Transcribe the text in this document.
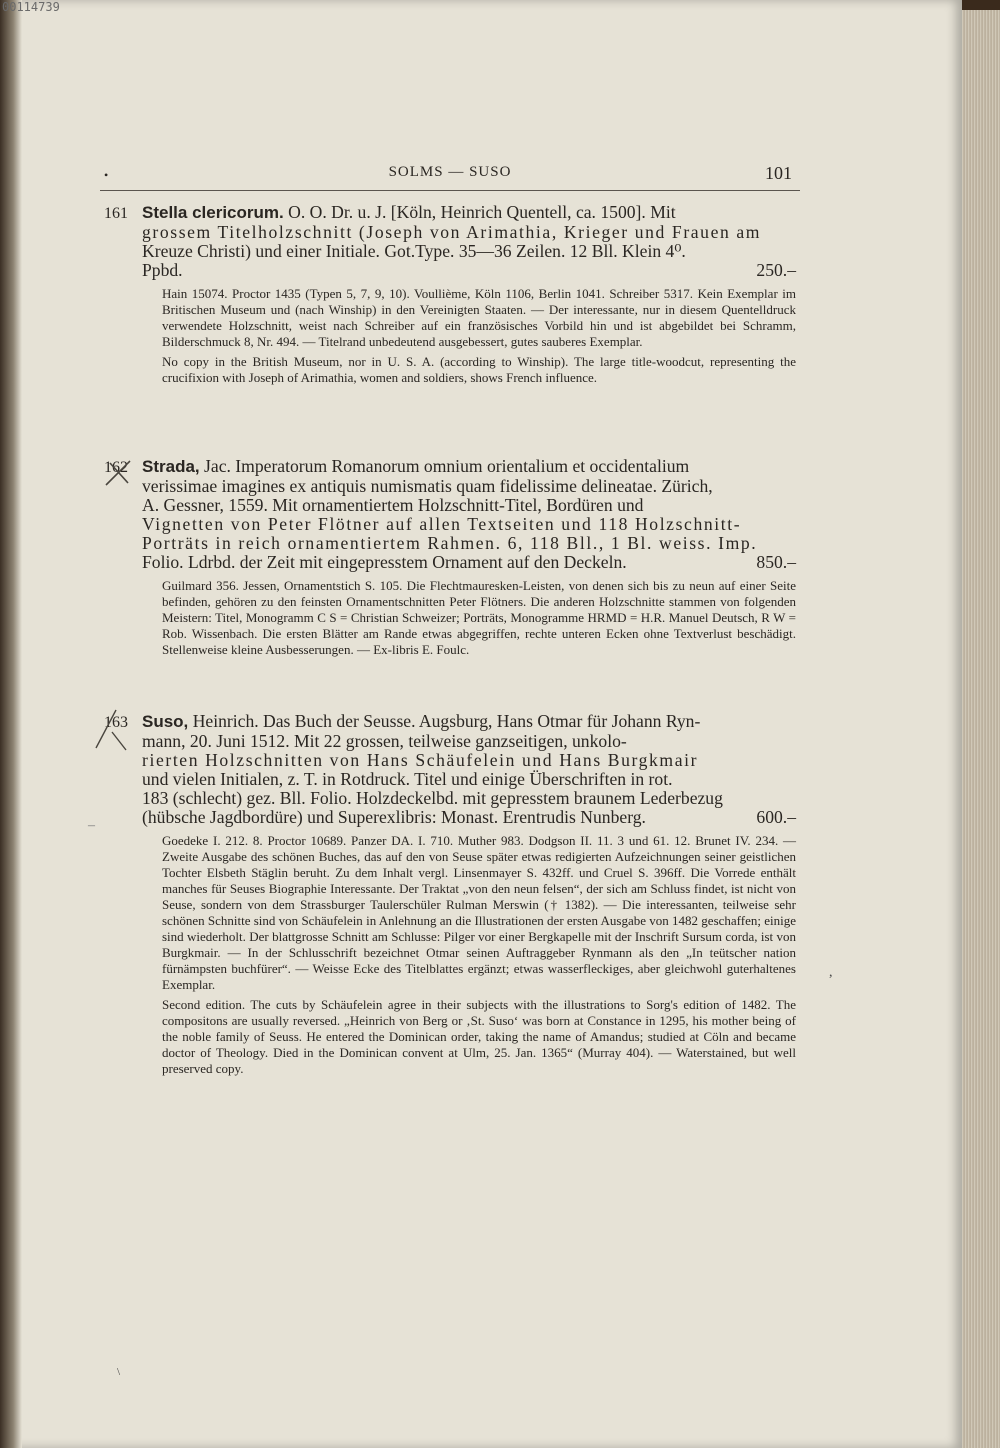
00114739
•	SOLMS — SUSO	101
161 Stella clericorum. O. O. Dr. u. J. [Köln, Heinrich Quentell, ca. 1500]. Mit
grossem Titelholzschnitt (Joseph von Arimathia, Krieger und Frauen am
Kreuze Christi) und einer Initiale. Got.Type. 35—36 Zeilen. 12 Bll. Klein 4⁰.
Ppbd.	250.–

Hain 15074. Proctor 1435 (Typen 5, 7, 9, 10). Voullième, Köln 1106, Berlin 1041. Schreiber 5317. Kein Exemplar im Britischen Museum und (nach Winship) in den Vereinigten Staaten. — Der interessante, nur in diesem Quentelldruck verwendete Holzschnitt, weist nach Schreiber auf ein französisches Vorbild hin und ist abgebildet bei Schramm, Bilderschmuck 8, Nr. 494. — Titelrand unbedeutend ausgebessert, gutes sauberes Exemplar.

No copy in the British Museum, nor in U. S. A. (according to Winship). The large title-woodcut, representing the crucifixion with Joseph of Arimathia, women and soldiers, shows French influence.

162 Strada, Jac. Imperatorum Romanorum omnium orientalium et occidentalium
verissimae imagines ex antiquis numismatis quam fidelissime delineatae. Zürich,
A. Gessner, 1559. Mit ornamentiertem Holzschnitt-Titel, Bordüren und
Vignetten von Peter Flötner auf allen Textseiten und 118 Holzschnitt-
Porträts in reich ornamentiertem Rahmen. 6, 118 Bll., 1 Bl. weiss. Imp.
Folio. Ldrbd. der Zeit mit eingepresstem Ornament auf den Deckeln.	850.–

Guilmard 356. Jessen, Ornamentstich S. 105. Die Flechtmauresken-Leisten, von denen sich bis zu neun auf einer Seite befinden, gehören zu den feinsten Ornamentschnitten Peter Flötners. Die anderen Holzschnitte stammen von folgenden Meistern: Titel, Monogramm C S = Christian Schweizer; Porträts, Monogramme HRMD = H.R. Manuel Deutsch, R W = Rob. Wissenbach. Die ersten Blätter am Rande etwas abgegriffen, rechte unteren Ecken ohne Textverlust beschädigt. Stellenweise kleine Ausbesserungen. — Ex-libris E. Foulc.

163 Suso, Heinrich. Das Buch der Seusse. Augsburg, Hans Otmar für Johann Ryn-
mann, 20. Juni 1512. Mit 22 grossen, teilweise ganzseitigen, unkolo-
rierten Holzschnitten von Hans Schäufelein und Hans Burgkmair
und vielen Initialen, z. T. in Rotdruck. Titel und einige Überschriften in rot.
183 (schlecht) gez. Bll. Folio. Holzdeckelbd. mit gepresstem braunem Lederbezug
(hübsche Jagdbordüre) und Superexlibris: Monast. Erentrudis Nunberg.	600.–

Goedeke I. 212. 8. Proctor 10689. Panzer DA. I. 710. Muther 983. Dodgson II. 11. 3 und 61. 12. Brunet IV. 234. — Zweite Ausgabe des schönen Buches, das auf den von Seuse später etwas redigierten Aufzeichnungen seiner geistlichen Tochter Elsbeth Stäglin beruht. Zu dem Inhalt vergl. Linsenmayer S. 432ff. und Cruel S. 396ff. Die Vorrede enthält manches für Seuses Biographie Interessante. Der Traktat „von den neun felsen“, der sich am Schluss findet, ist nicht von Seuse, sondern von dem Strassburger Taulerschüler Rulman Merswin († 1382). — Die interessanten, teilweise sehr schönen Schnitte sind von Schäufelein in Anlehnung an die Illustrationen der ersten Ausgabe von 1482 geschaffen; einige sind wiederholt. Der blattgrosse Schnitt am Schlusse: Pilger vor einer Bergkapelle mit der Inschrift Sursum corda, ist von Burgkmair. — In der Schlusschrift bezeichnet Otmar seinen Auftraggeber Rynmann als den „In teütscher nation fürnämpsten buchfürer“. — Weisse Ecke des Titelblattes ergänzt; etwas wasserfleckiges, aber gleichwohl guterhaltenes Exemplar.

Second edition. The cuts by Schäufelein agree in their subjects with the illustrations to Sorg's edition of 1482. The compositons are usually reversed. „Heinrich von Berg or ‚St. Suso‘ was born at Constance in 1295, his mother being of the noble family of Seuss. He entered the Dominican order, taking the name of Amandus; studied at Cöln and became doctor of Theology. Died in the Dominican convent at Ulm, 25. Jan. 1365“ (Murray 404). — Waterstained, but well preserved copy.

–
,
\
